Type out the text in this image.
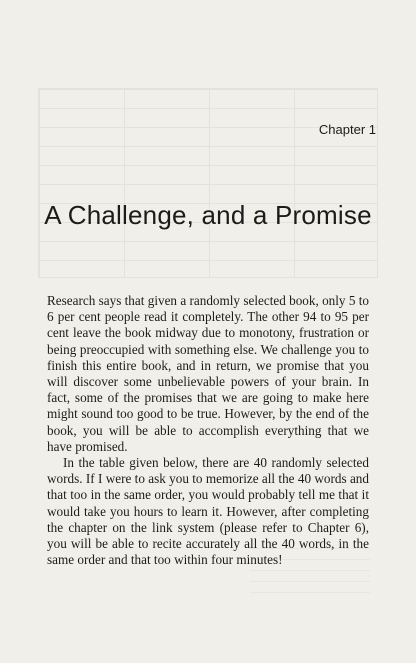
Chapter 1
A Challenge, and a Promise

Research says that given a randomly selected book, only 5 to 6 per cent people read it completely. The other 94 to 95 per cent leave the book midway due to monotony, frustration or being preoccupied with something else. We challenge you to finish this entire book, and in return, we promise that you will discover some unbelievable powers of your brain. In fact, some of the promises that we are going to make here might sound too good to be true. However, by the end of the book, you will be able to accomplish everything that we have promised.

In the table given below, there are 40 randomly selected words. If I were to ask you to memorize all the 40 words and that too in the same order, you would probably tell me that it would take you hours to learn it. However, after completing the chapter on the link system (please refer to Chapter 6), you will be able to recite accurately all the 40 words, in the same order and that too within four minutes!
